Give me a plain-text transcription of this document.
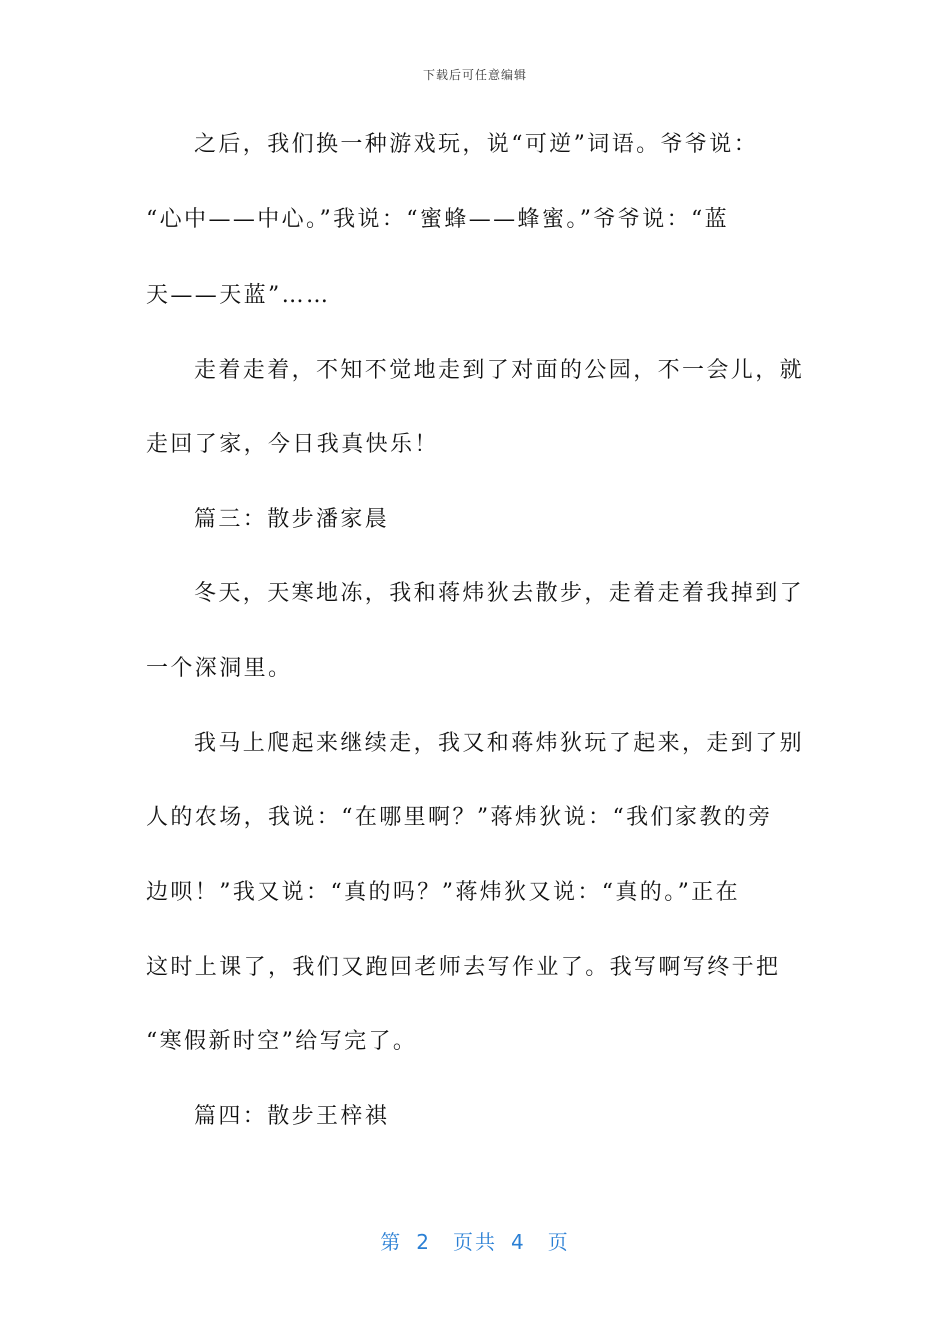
下载后可任意编辑
之后，我们换一种游戏玩，说“可逆”词语。爷爷说：
“心中——中心。”我说：“蜜蜂——蜂蜜。”爷爷说：“蓝
天——天蓝”……
走着走着，不知不觉地走到了对面的公园，不一会儿，就
走回了家，今日我真快乐！
篇三：散步潘家晨
冬天，天寒地冻，我和蒋炜狄去散步，走着走着我掉到了
一个深洞里。
我马上爬起来继续走，我又和蒋炜狄玩了起来，走到了别
人的农场，我说：“在哪里啊？”蒋炜狄说：“我们家教的旁
边呗！”我又说：“真的吗？”蒋炜狄又说：“真的。”正在
这时上课了，我们又跑回老师去写作业了。我写啊写终于把
“寒假新时空”给写完了。
篇四：散步王梓祺
第 2 页共 4 页
